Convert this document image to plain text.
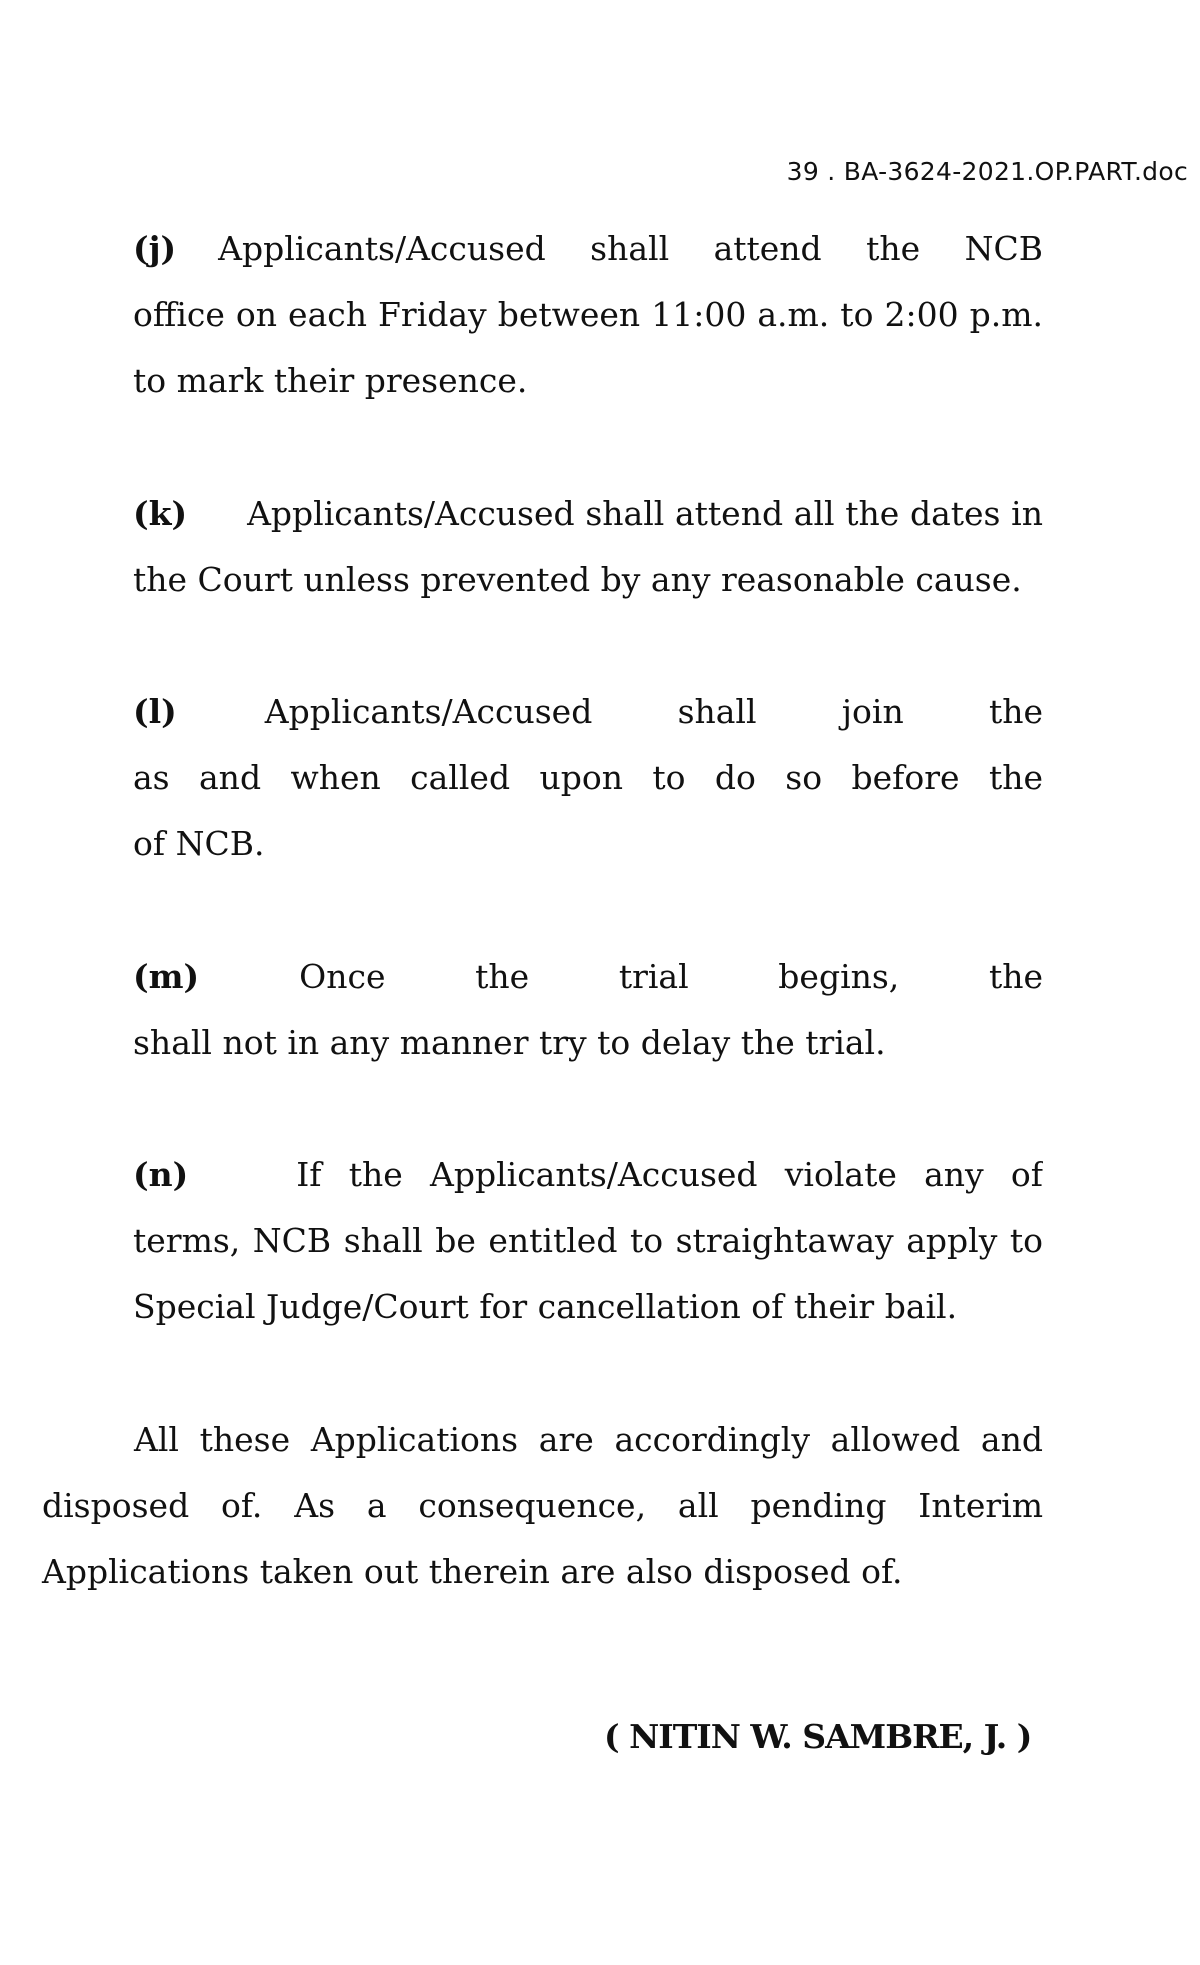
39 . BA-3624-2021.OP.PART.doc
(j) Applicants/Accused shall attend the NCB
office on each Friday between 11:00 a.m. to 2:00 p.m.
to mark their presence.
(k) Applicants/Accused shall attend all the dates in
the Court unless prevented by any reasonable cause.
(l)	Applicants/Accused shall join the
as and when called upon to do so before the
of NCB.
(m)	Once the trial begins, the
shall not in any manner try to delay the trial.
(n)	If the Applicants/Accused violate any of
terms, NCB shall be entitled to straightaway apply to
Special Judge/Court for cancellation of their bail.
All these Applications are accordingly allowed and
disposed of. As a consequence, all pending Interim
Applications taken out therein are also disposed of.
( NITIN W. SAMBRE, J. )
